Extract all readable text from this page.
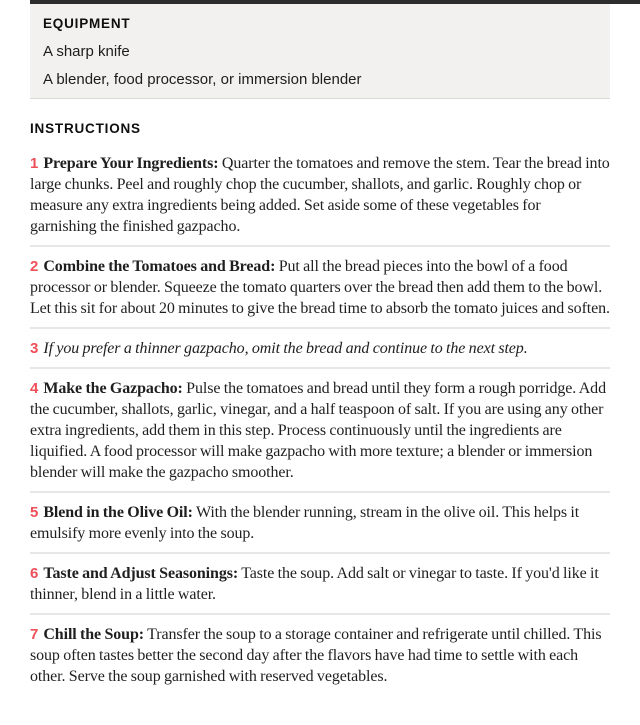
EQUIPMENT
A sharp knife
A blender, food processor, or immersion blender
INSTRUCTIONS

1 Prepare Your Ingredients: Quarter the tomatoes and remove the stem. Tear the bread into large chunks. Peel and roughly chop the cucumber, shallots, and garlic. Roughly chop or measure any extra ingredients being added. Set aside some of these vegetables for garnishing the finished gazpacho.

2 Combine the Tomatoes and Bread: Put all the bread pieces into the bowl of a food processor or blender. Squeeze the tomato quarters over the bread then add them to the bowl. Let this sit for about 20 minutes to give the bread time to absorb the tomato juices and soften.

3 If you prefer a thinner gazpacho, omit the bread and continue to the next step.

4 Make the Gazpacho: Pulse the tomatoes and bread until they form a rough porridge. Add the cucumber, shallots, garlic, vinegar, and a half teaspoon of salt. If you are using any other extra ingredients, add them in this step. Process continuously until the ingredients are liquified. A food processor will make gazpacho with more texture; a blender or immersion blender will make the gazpacho smoother.

5 Blend in the Olive Oil: With the blender running, stream in the olive oil. This helps it emulsify more evenly into the soup.

6 Taste and Adjust Seasonings: Taste the soup. Add salt or vinegar to taste. If you'd like it thinner, blend in a little water.

7 Chill the Soup: Transfer the soup to a storage container and refrigerate until chilled. This soup often tastes better the second day after the flavors have had time to settle with each other. Serve the soup garnished with reserved vegetables.
